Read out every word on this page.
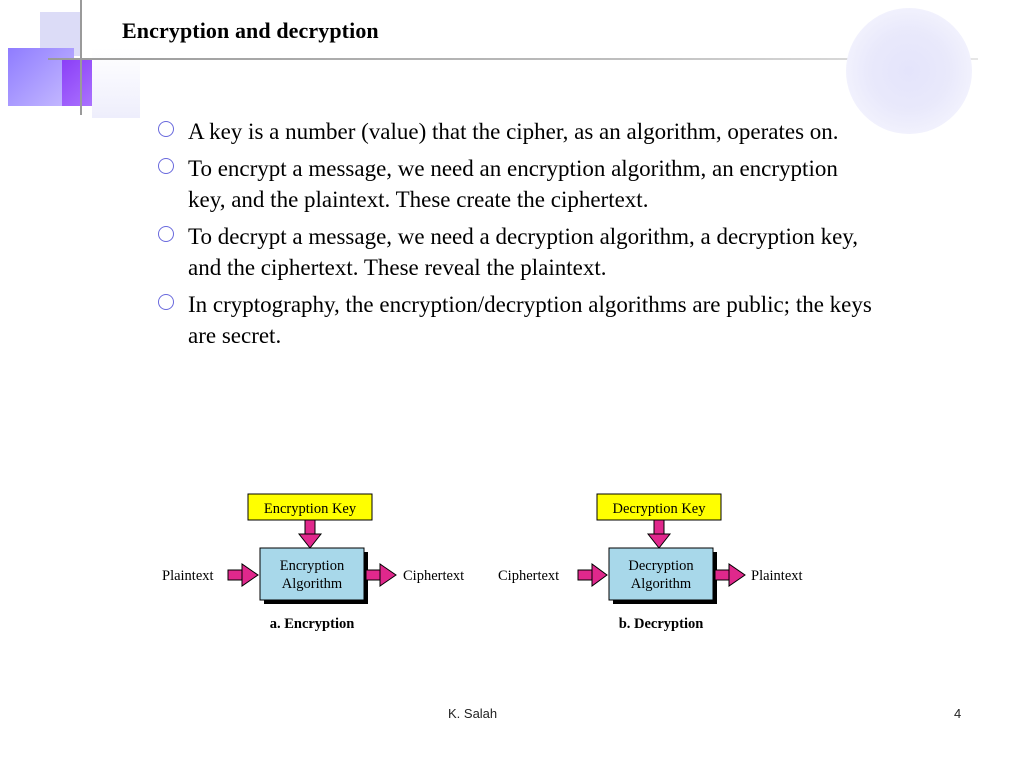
Encryption and decryption
A key is a number (value) that the cipher, as an algorithm, operates on.
To encrypt a message, we need an encryption algorithm, an encryption key, and the plaintext. These create the ciphertext.
To decrypt a message, we need a decryption algorithm, a decryption key, and the ciphertext. These reveal the plaintext.
In cryptography, the encryption/decryption algorithms are public; the keys are secret.
Encryption Key
Encryption
Algorithm
Plaintext	Ciphertext
a. Encryption
Decryption Key
Decryption
Algorithm
Ciphertext	Plaintext
b. Decryption
K. Salah	4
